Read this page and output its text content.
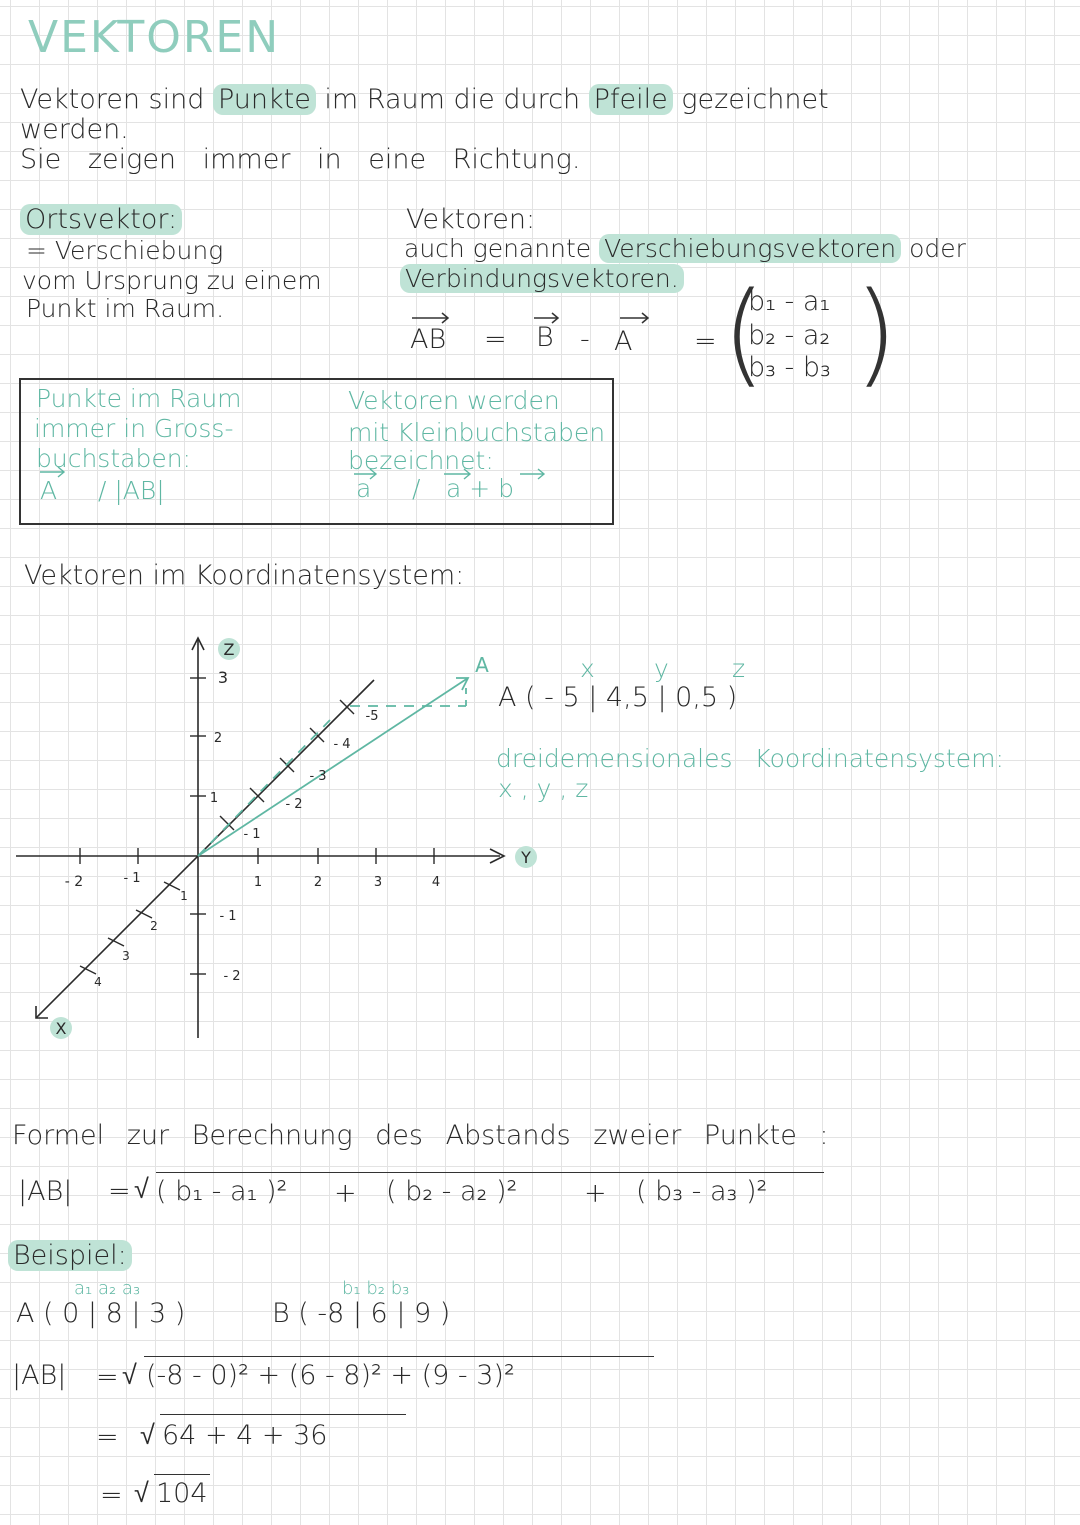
VEKTOREN
Vektoren sind Punkte im Raum die durch Pfeile gezeichnet
werden.
Sie zeigen immer in eine Richtung.
Ortsvektor:
= Verschiebung
vom Ursprung zu einem
Punkt im Raum.
Vektoren:
auch genannte Verschiebungsvektoren oder
Verbindungsvektoren.
AB = B - A = (
b₁ - a₁
b₂ - a₂
b₃ - b₃ )
Punkte im Raum
immer in Gross-
buchstaben:
A / |AB|
Vektoren werden
mit Kleinbuchstaben
bezeichnet:
a / a + b
Vektoren im Koordinatensystem:
Z
Y
X
3
2
1
- 1
- 2
- 2	- 1	1	2	3	4
1
2
3
4
-5
- 4
- 3
- 2
- 1
A	x y	z
A ( - 5 | 4,5 | 0,5 )
dreidemensionales Koordinatensystem:
x , y , z
Formel zur Berechnung des Abstands zweier Punkte :
|AB| = √ ( b₁ - a₁ )² + ( b₂ - a₂ )² + ( b₃ - a₃ )²
Beispiel:
a₁ a₂ a₃	b₁ b₂ b₃
A ( 0 | 8 | 3 )	B ( -8 | 6 | 9 )
|AB| = √ (-8 - 0)² + (6 - 8)² + (9 - 3)²
= √ 64 + 4 + 36
= √ 104
